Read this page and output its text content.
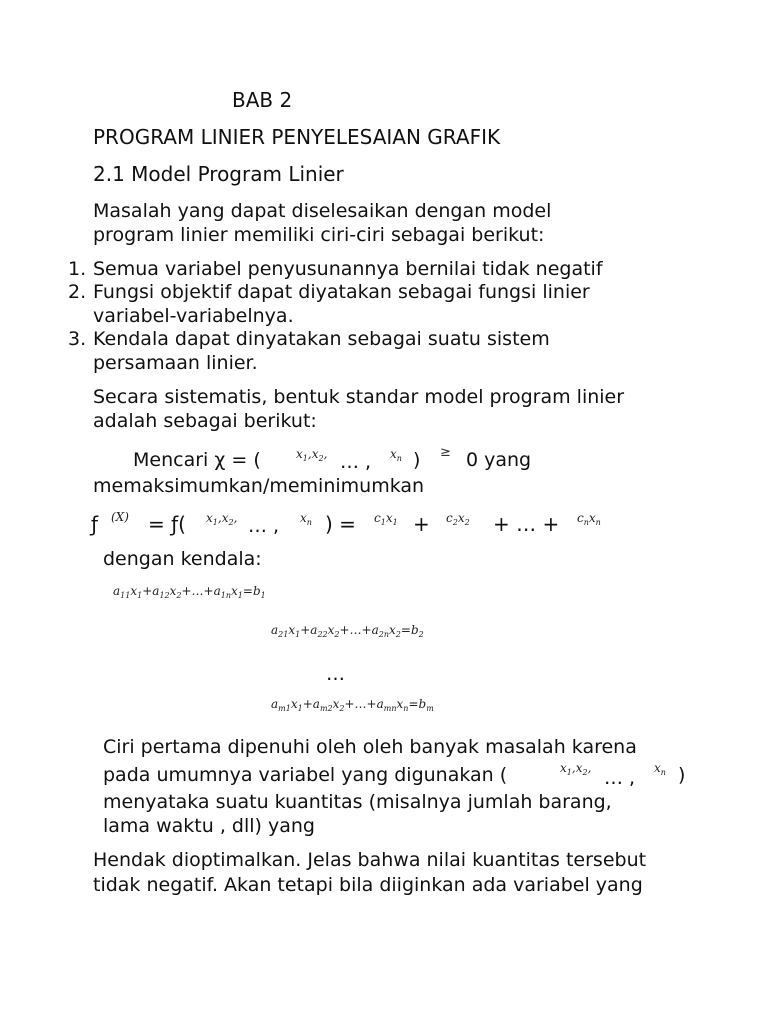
BAB 2
PROGRAM LINIER PENYELESAIAN GRAFIK
2.1 Model Program Linier
Masalah yang dapat diselesaikan dengan model
program linier memiliki ciri-ciri sebagai berikut:
1. Semua variabel penyusunannya bernilai tidak negatif
2. Fungsi objektif dapat diyatakan sebagai fungsi linier
variabel-variabelnya.
3. Kendala dapat dinyatakan sebagai suatu sistem
persamaan linier.
Secara sistematis, bentuk standar model program linier
adalah sebagai berikut:
Mencari χ = (	$x_1,x_2$, … , $x_n$ ) ≥ 0 yang
memaksimumkan/meminimumkan
ƒ (X) = ƒ( $x_1,x_2$, … , $x_n$ ) = $c_1x_1 + c_2x_2$ + … + $c_nx_n$
dengan kendala:
$a_{11}x_1+a_{12}x_2+\dots+a_{1n}x_1=b_1$
$a_{21}x_1+a_{22}x_2+\dots+a_{2n}x_2=b_2$
…
$a_{m1}x_1+a_{m2}x_2+\dots+a_{mn}x_n=b_m$
Ciri pertama dipenuhi oleh oleh banyak masalah karena
pada umumnya variabel yang digunakan (	$x_1,x_2$, … , $x_n$ )
menyataka suatu kuantitas (misalnya jumlah barang,
lama waktu , dll) yang
Hendak dioptimalkan. Jelas bahwa nilai kuantitas tersebut
tidak negatif. Akan tetapi bila diiginkan ada variabel yang
